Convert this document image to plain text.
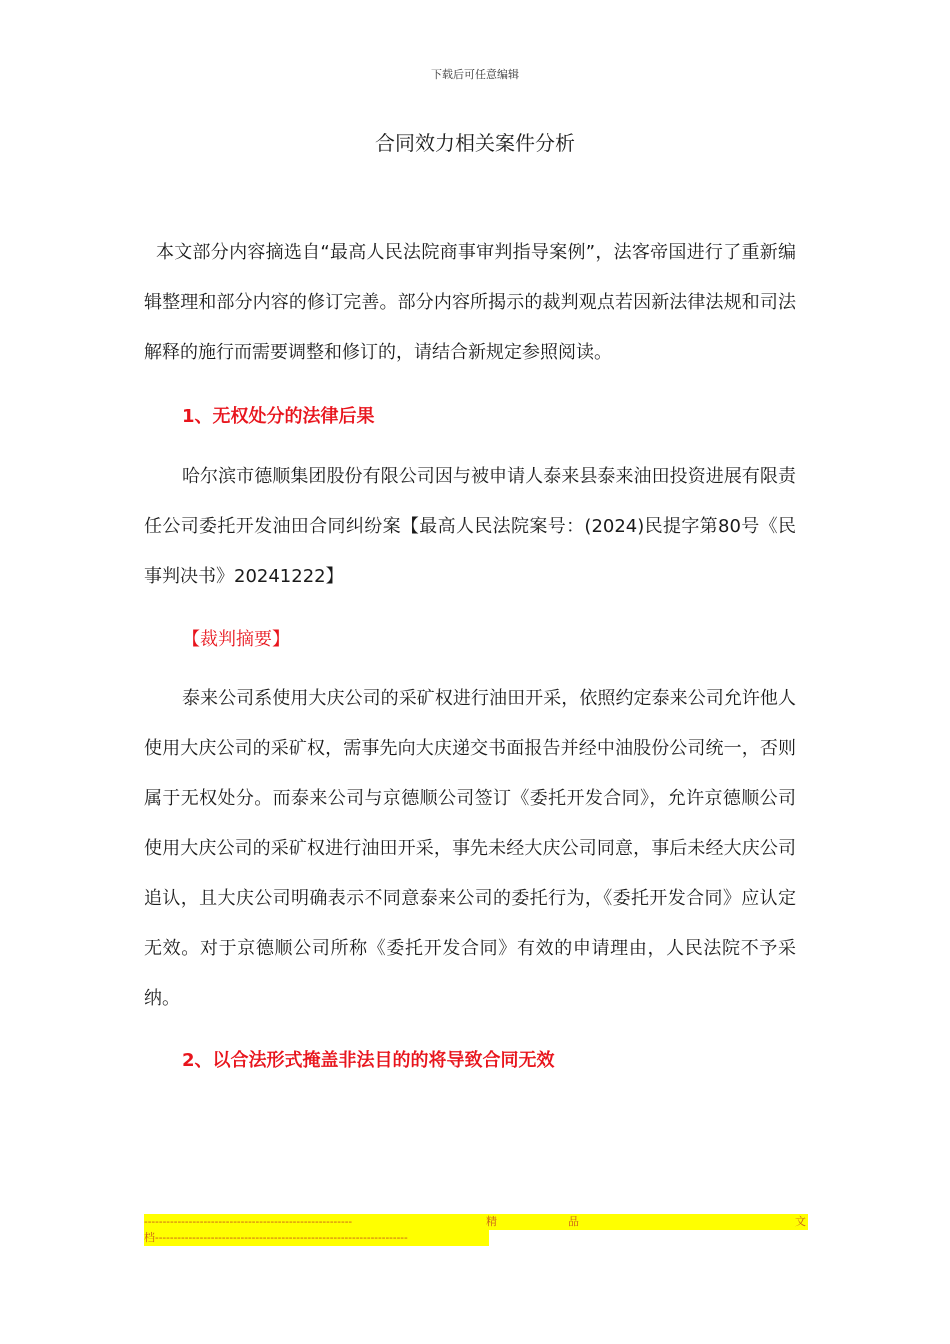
下载后可任意编辑
合同效力相关案件分析

本文部分内容摘选自“最高人民法院商事审判指导案例”，法客帝国进行了重新编辑整理和部分内容的修订完善。部分内容所揭示的裁判观点若因新法律法规和司法解释的施行而需要调整和修订的，请结合新规定参照阅读。

1、无权处分的法律后果

哈尔滨市德顺集团股份有限公司因与被申请人泰来县泰来油田投资进展有限责任公司委托开发油田合同纠纷案【最高人民法院案号：(2024)民提字第80号《民事判决书》20241222】

【裁判摘要】

泰来公司系使用大庆公司的采矿权进行油田开采，依照约定泰来公司允许他人使用大庆公司的采矿权，需事先向大庆递交书面报告并经中油股份公司统一，否则属于无权处分。而泰来公司与京德顺公司签订《委托开发合同》，允许京德顺公司使用大庆公司的采矿权进行油田开采，事先未经大庆公司同意，事后未经大庆公司追认，且大庆公司明确表示不同意泰来公司的委托行为，《委托开发合同》应认定无效。对于京德顺公司所称《委托开发合同》有效的申请理由，人民法院不予采纳。

2、以合法形式掩盖非法目的的将导致合同无效
--------------------------------------------------------	精	品	文
档--------------------------------------------------------------------
